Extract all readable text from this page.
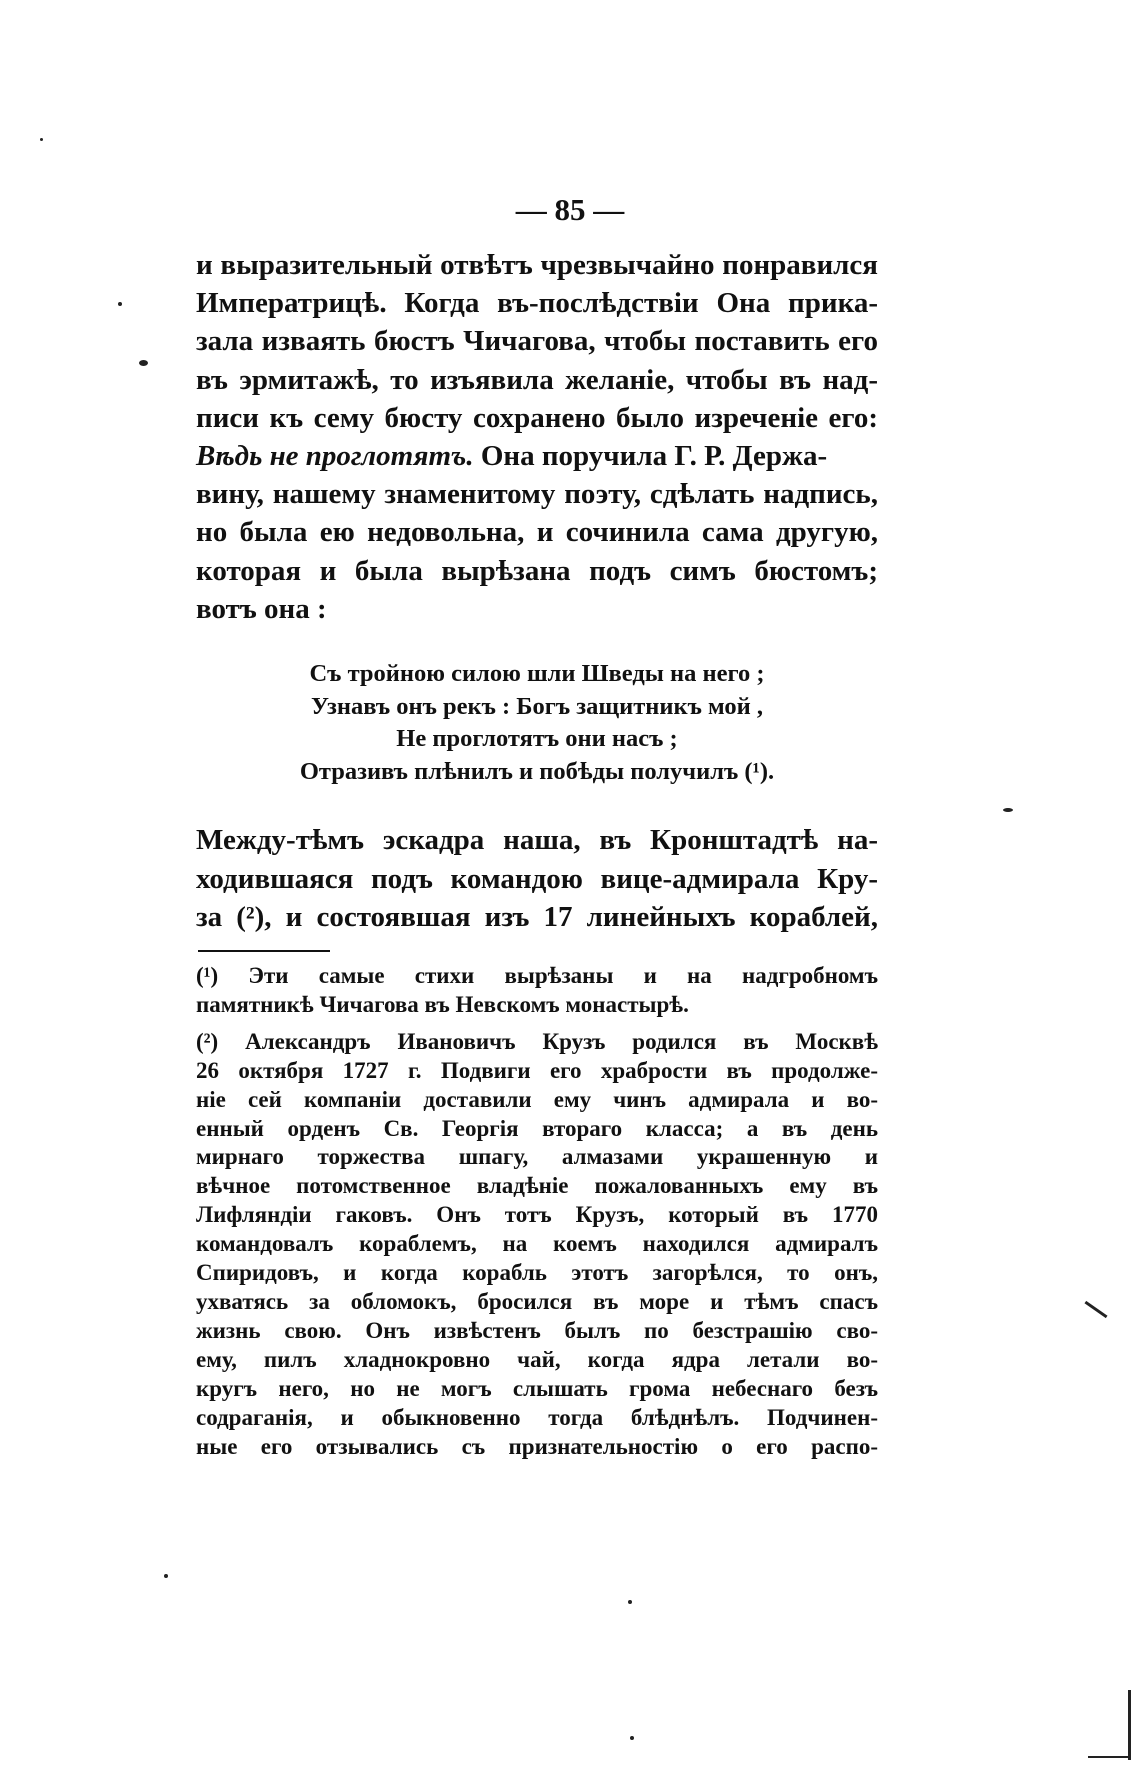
— 85 —
и выразительный отвѣтъ чрезвычайно понравился
Императрицѣ. Когда въ-послѣдствіи Она прика-
зала изваять бюстъ Чичагова, чтобы поставить его
въ эрмитажѣ, то изъявила желаніе, чтобы въ над-
писи къ сему бюсту сохранено было изреченіе его:
Вѣдь не проглотятъ. Она поручила Г. Р. Держа-
вину, нашему знаменитому поэту, сдѣлать надпись,
но была ею недовольна, и сочинила сама другую,
которая и была вырѣзана подъ симъ бюстомъ;
вотъ она :
Съ тройною силою шли Шведы на него ;
Узнавъ онъ рекъ : Богъ защитникъ мой ,
Не проглотятъ они насъ ;
Отразивъ плѣнилъ и побѣды получилъ (¹).
Между-тѣмъ эскадра наша, въ Кронштадтѣ на-
ходившаяся подъ командою вице-адмирала Кру-
за (²), и состоявшая изъ 17 линейныхъ кораблей,
(¹) Эти самые стихи вырѣзаны и на надгробномъ
памятникѣ Чичагова въ Невскомъ монастырѣ.
(²) Александръ Ивановичъ Крузъ родился въ Москвѣ
26 октября 1727 г. Подвиги его храбрости въ продолже-
ніе сей компаніи доставили ему чинъ адмирала и во-
енный орденъ Св. Георгія втораго класса; а въ день
мирнаго торжества шпагу, алмазами украшенную и
вѣчное потомственное владѣніе пожалованныхъ ему въ
Лифляндіи гаковъ. Онъ тотъ Крузъ, который въ 1770
командовалъ кораблемъ, на коемъ находился адмиралъ
Спиридовъ, и когда корабль этотъ загорѣлся, то онъ,
ухватясь за обломокъ, бросился въ море и тѣмъ спасъ
жизнь свою. Онъ извѣстенъ былъ по безстрашію сво-
ему, пилъ хладнокровно чай, когда ядра летали во-
кругъ него, но не могъ слышать грома небеснаго безъ
содраганія, и обыкновенно тогда блѣднѣлъ. Подчинен-
ные его отзывались съ признательностію о его распо-
